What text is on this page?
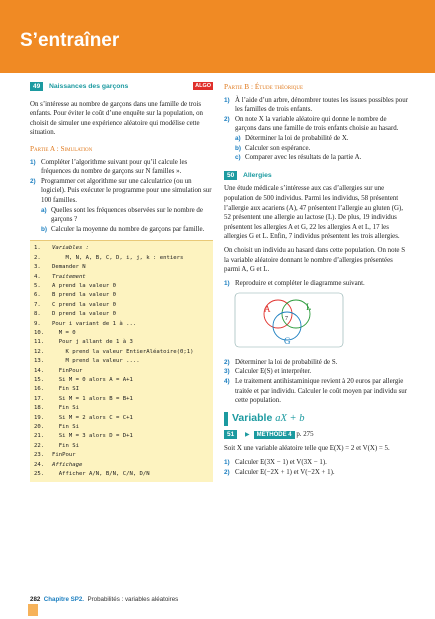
S’entraîner
49 Naissances des garçons	ALGO

On s’intéresse au nombre de garçons dans une famille de trois enfants. Pour éviter le coût d’une enquête sur la population, on choisit de simuler une expérience aléatoire qui modélise cette situation.

Partie A : Simulation
1) Compléter l’algorithme suivant pour qu’il calcule les fréquences du nombre de garçons sur N familles ».
2) Programmer cet algorithme sur une calculatrice (ou un logiciel). Puis exécuter le programme pour une simulation sur 100 familles.
a) Quelles sont les fréquences observées sur le nombre de garçons ?
b) Calculer la moyenne du nombre de garçons par famille.
1.	Variables :
2.	M, N, A, B, C, D, i, j, k : entiers
3.	Demander N
4.	Traitement
5.	A prend la valeur 0
6.	B prend la valeur 0
7.	C prend la valeur 0
8.	D prend la valeur 0
9.	Pour i variant de 1 à ...
10.	M = 0
11.	Pour j allant de 1 à 3
12.	K prend la valeur EntierAléatoire(0;1)
13.	M prend la valeur ....
14.	FinPour
15.	Si M = 0 alors A = A+1
16.	Fin SI
17.	Si M = 1 alors B = B+1
18.	Fin Si
19.	Si M = 2 alors C = C+1
20.	Fin Si
21.	Si M = 3 alors D = D+1
22.	Fin Si
23.	FinPour
24.	Affichage
25.	Afficher A/N, B/N, C/N, D/N
Partie B : Étude théorique
1) À l’aide d’un arbre, dénombrer toutes les issues possibles pour les familles de trois enfants.
2) On note X la variable aléatoire qui donne le nombre de garçons dans une famille de trois enfants choisie au hasard.
a) Déterminer la loi de probabilité de X.
b) Calculer son espérance.
c) Comparer avec les résultats de la partie A.
50 Allergies

Une étude médicale s’intéresse aux cas d’allergies sur une population de 500 individus. Parmi les individus, 58 présentent l’allergie aux acariens (A), 47 présentent l’allergie au gluten (G), 52 présentent une allergie au lactose (L). De plus, 19 individus présentent les allergies A et G, 22 les allergies A et L, 17 les allergies G et L. Enfin, 7 individus présentent les trois allergies.

On choisit un individu au hasard dans cette population. On note S la variable aléatoire donnant le nombre d’allergies présentées parmi A, G et L.

1) Reproduire et compléter le diagramme suivant.
A	L
G
7
2) Déterminer la loi de probabilité de S.
3) Calculer E(S) et interpréter.
4) Le traitement antihistaminique revient à 20 euros par allergie traitée et par individu. Calculer le coût moyen par individu sur cette population.
Variable aX + b
51 ▶ MÉTHODE 4 p. 275

Soit X une variable aléatoire telle que E(X) = 2 et V(X) = 5.

1) Calculer E(3X − 1) et V(3X − 1).
2) Calculer E(−2X + 1) et V(−2X + 1).
282 Chapitre SP2. Probabilités : variables aléatoires
